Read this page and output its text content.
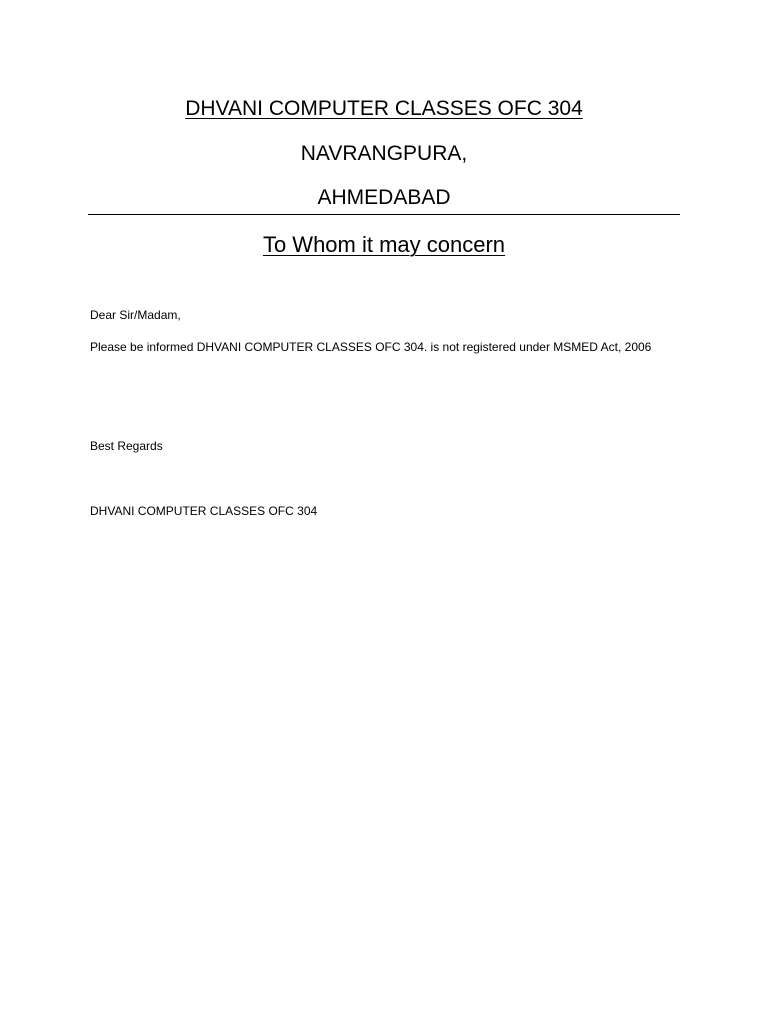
DHVANI COMPUTER CLASSES OFC 304
NAVRANGPURA,
AHMEDABAD
To Whom it may concern
Dear Sir/Madam,
Please be informed DHVANI COMPUTER CLASSES OFC 304. is not registered under MSMED Act, 2006
Best Regards
DHVANI COMPUTER CLASSES OFC 304
